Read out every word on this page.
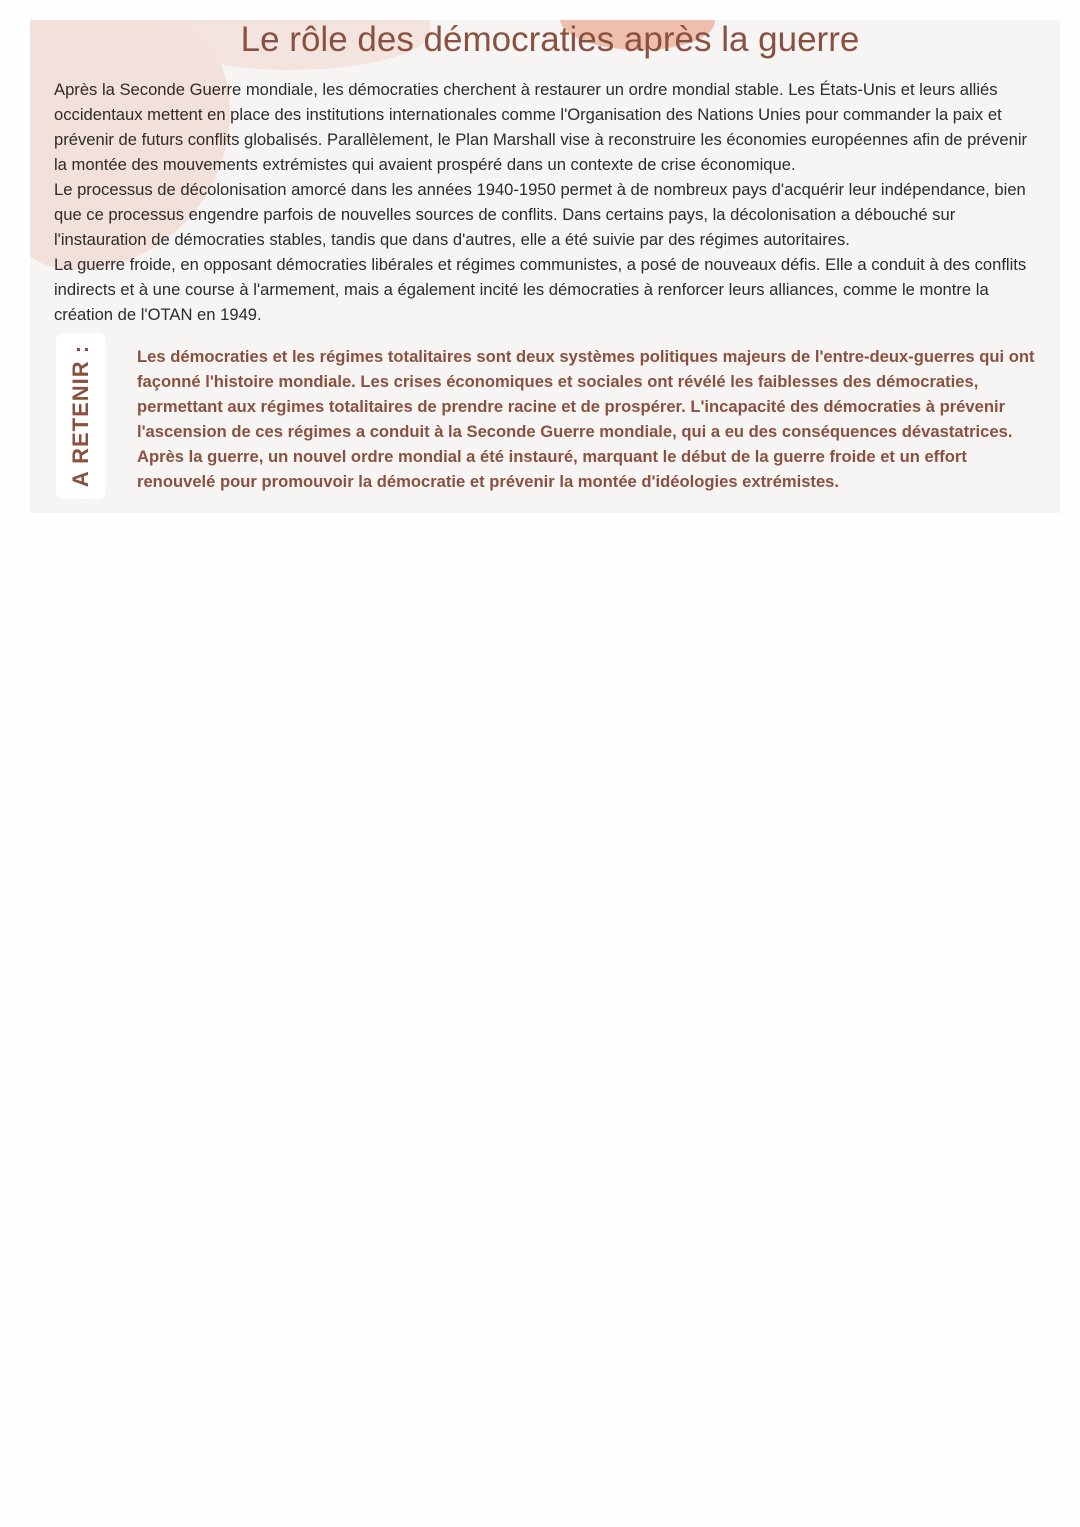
Le rôle des démocraties après la guerre

Après la Seconde Guerre mondiale, les démocraties cherchent à restaurer un ordre mondial stable. Les États-Unis et leurs alliés occidentaux mettent en place des institutions internationales comme l'Organisation des Nations Unies pour commander la paix et prévenir de futurs conflits globalisés. Parallèlement, le Plan Marshall vise à reconstruire les économies européennes afin de prévenir la montée des mouvements extrémistes qui avaient prospéré dans un contexte de crise économique.

Le processus de décolonisation amorcé dans les années 1940-1950 permet à de nombreux pays d'acquérir leur indépendance, bien que ce processus engendre parfois de nouvelles sources de conflits. Dans certains pays, la décolonisation a débouché sur l'instauration de démocraties stables, tandis que dans d'autres, elle a été suivie par des régimes autoritaires.

La guerre froide, en opposant démocraties libérales et régimes communistes, a posé de nouveaux défis. Elle a conduit à des conflits indirects et à une course à l'armement, mais a également incité les démocraties à renforcer leurs alliances, comme le montre la création de l'OTAN en 1949.

A RETENIR :	Les démocraties et les régimes totalitaires sont deux systèmes politiques majeurs de l'entre-deux-guerres qui ont façonné l'histoire mondiale. Les crises économiques et sociales ont révélé les faiblesses des démocraties, permettant aux régimes totalitaires de prendre racine et de prospérer. L'incapacité des démocraties à prévenir l'ascension de ces régimes a conduit à la Seconde Guerre mondiale, qui a eu des conséquences dévastatrices. Après la guerre, un nouvel ordre mondial a été instauré, marquant le début de la guerre froide et un effort renouvelé pour promouvoir la démocratie et prévenir la montée d'idéologies extrémistes.
